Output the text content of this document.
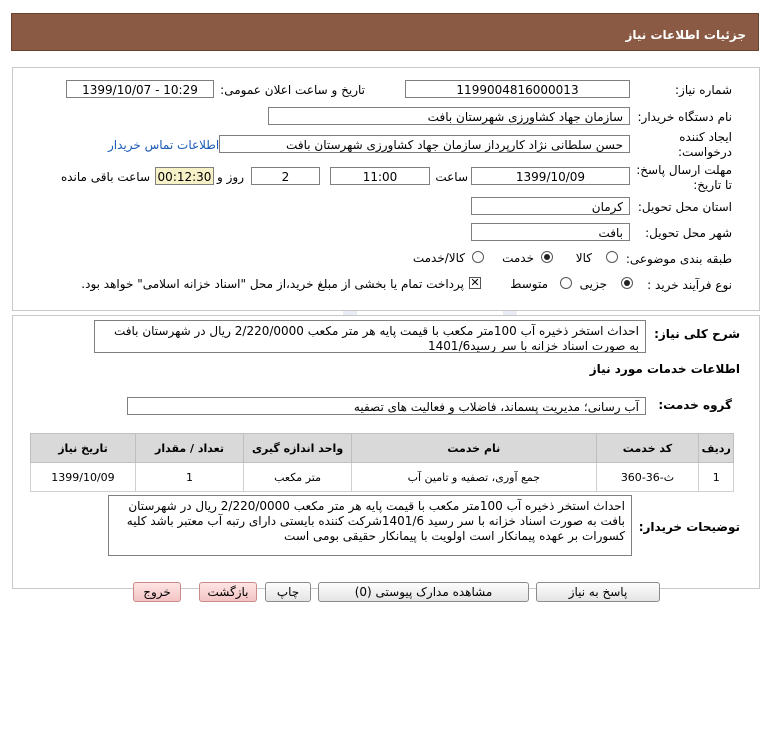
جزئیات اطلاعات نیاز
شماره نیاز:
1199004816000013
تاریخ و ساعت اعلان عمومی:
1399/10/07 - 10:29
نام دستگاه خریدار:
سازمان جهاد کشاورزی شهرستان بافت
ایجاد کننده
درخواست:
حسن سلطانی نژاد کارپرداز سازمان جهاد کشاورزی شهرستان بافت
اطلاعات تماس خریدار
مهلت ارسال پاسخ:
تا تاریخ:
1399/10/09
ساعت
11:00
2
روز و
00:12:30
ساعت باقی مانده
استان محل تحویل:
کرمان
شهر محل تحویل:
بافت
طبقه بندی موضوعی:
کالا
خدمت
کالا/خدمت
نوع فرآیند خرید :
جزیی
متوسط
✕
پرداخت تمام یا بخشی از مبلغ خرید،از محل "اسناد خزانه اسلامی" خواهد بود.
شرح کلی نیاز:
احداث استخر ذخیره آب 100متر مکعب با قیمت پایه هر متر مکعب 2/220/0000 ریال در شهرستان بافت به صورت اسناد خزانه با سر رسید1401/6
اطلاعات خدمات مورد نیاز
گروه خدمت:
آب رسانی؛ مدیریت پسماند، فاضلاب و فعالیت های تصفیه
ردیف	کد خدمت	نام خدمت	واحد اندازه گیری	تعداد / مقدار	تاریخ نیاز
1	ث-36-360	جمع آوری، تصفیه و تامین آب	متر مکعب	1	1399/10/09
توضیحات خریدار:
احداث استخر ذخیره آب 100متر مکعب با قیمت پایه هر متر مکعب 2/220/0000 ریال در شهرستان بافت به صورت اسناد خزانه با سر رسید 1401/6شرکت کننده بایستی دارای رتبه آب معتبر باشد کلیه کسورات بر عهده پیمانکار است اولویت با پیمانکار حقیقی بومی است
پاسخ به نیاز
مشاهده مدارک پیوستی (0)
چاپ
بازگشت
خروج
